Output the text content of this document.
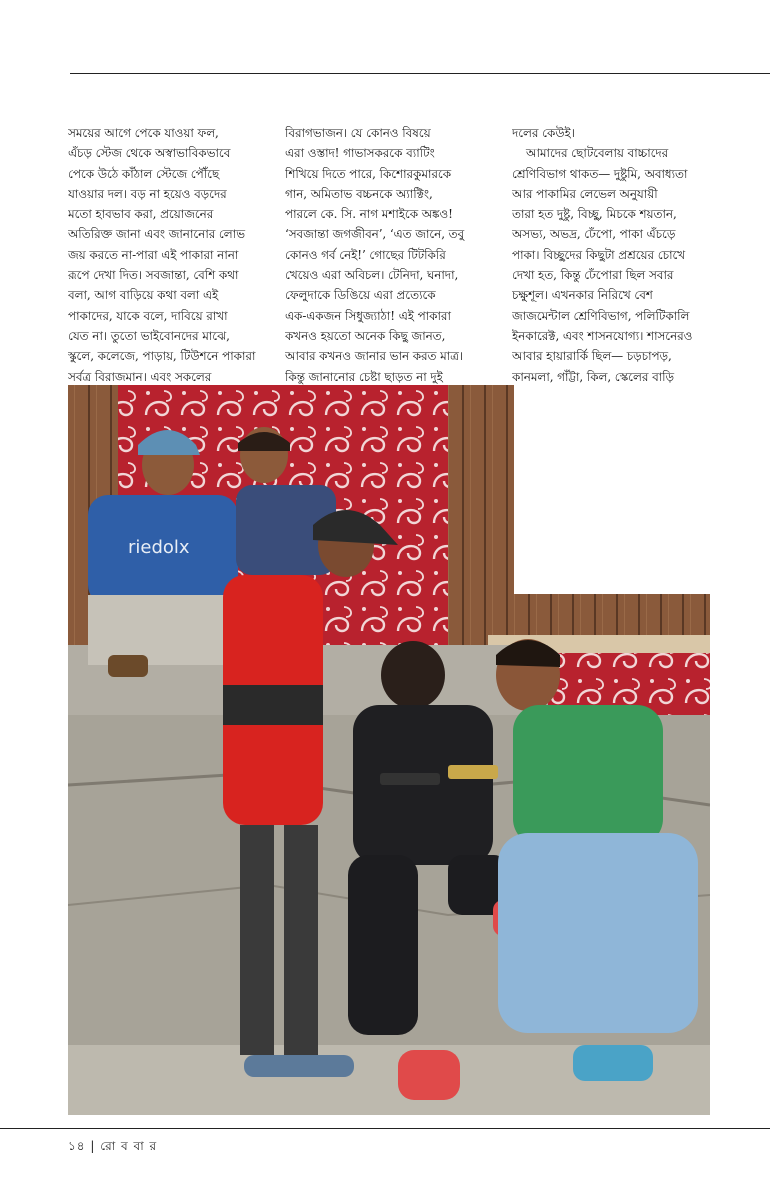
সময়ের আগে পেকে যাওয়া ফল,
এঁচড় স্টেজ থেকে অস্বাভাবিকভাবে
পেকে উঠে কাঁঠাল স্টেজে পৌঁছে
যাওয়ার দল। বড় না হয়েও বড়দের
মতো হাবভাব করা, প্রয়োজনের
অতিরিক্ত জানা এবং জানানোর লোভ
জয় করতে না-পারা এই পাকারা নানা
রূপে দেখা দিত। সবজান্তা, বেশি কথা
বলা, আগ বাড়িয়ে কথা বলা এই
পাকাদের, যাকে বলে, দাবিয়ে রাখা
যেত না। তুতো ভাইবোনদের মাঝে,
স্কুলে, কলেজে, পাড়ায়, টিউশনে পাকারা
সর্বত্র বিরাজমান। এবং সকলের
বিরাগভাজন। যে কোনও বিষয়ে
এরা ওস্তাদ! গাভাসকরকে ব্যাটিং
শিখিয়ে দিতে পারে, কিশোরকুমারকে
গান, অমিতাভ বচ্চনকে অ্যাক্টিং,
পারলে কে. সি. নাগ মশাইকে অঙ্কও!
‘সবজান্তা জগজীবন’, ‘এত জানে, তবু
কোনও গর্ব নেই!’ গোছের টিটকিরি
খেয়েও এরা অবিচল। টেনিদা, ঘনাদা,
ফেলুদাকে ডিঙিয়ে এরা প্রত্যেকে
এক-একজন সিধুজ্যাঠা! এই পাকারা
কখনও হয়তো অনেক কিছু জানত,
আবার কখনও জানার ভান করত মাত্র।
কিন্তু জানানোর চেষ্টা ছাড়ত না দুই
দলের কেউই।
আমাদের ছোটবেলায় বাচ্চাদের
শ্রেণিবিভাগ থাকত— দুষ্টুমি, অবাধ্যতা
আর পাকামির লেভেল অনুযায়ী
তারা হত দুষ্টু, বিচ্ছু, মিচকে শয়তান,
অসভ্য, অভদ্র, ঢেঁপো, পাকা এঁচড়ে
পাকা। বিচ্ছুদের কিছুটা প্রশ্রয়ের চোখে
দেখা হত, কিন্তু ঢেঁপোরা ছিল সবার
চক্ষুশূল। এখনকার নিরিখে বেশ
জাজমেন্টাল শ্রেণিবিভাগ, পলিটিকালি
ইনকারেক্ট, এবং শাসনযোগ্য। শাসনেরও
আবার হায়ারার্কি ছিল— চড়চাপড়,
কানমলা, গাঁট্টা, কিল, স্কেলের বাড়ি
riedolx
১৪ | রো ব বা র
